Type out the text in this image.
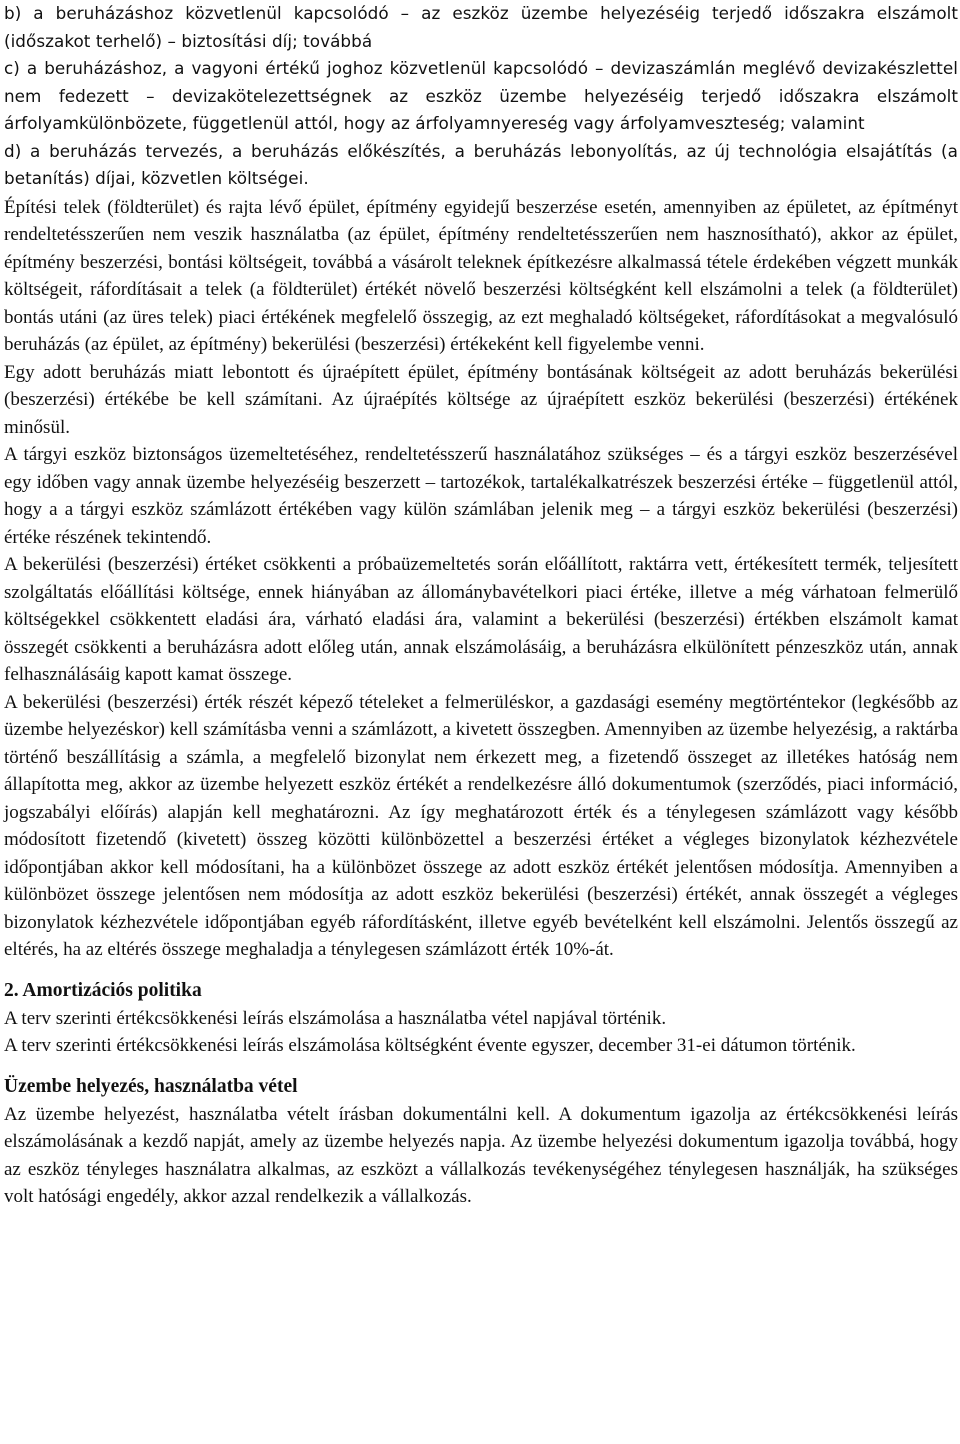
b) a beruházáshoz közvetlenül kapcsolódó – az eszköz üzembe helyezéséig terjedő időszakra elszámolt (időszakot terhelő) – biztosítási díj; továbbá

c) a beruházáshoz, a vagyoni értékű joghoz közvetlenül kapcsolódó – devizaszámlán meglévő devizakészlettel nem fedezett – devizakötelezettségnek az eszköz üzembe helyezéséig terjedő időszakra elszámolt árfolyamkülönbözete, függetlenül attól, hogy az árfolyamnyereség vagy árfolyamveszteség; valamint

d) a beruházás tervezés, a beruházás előkészítés, a beruházás lebonyolítás, az új technológia elsajátítás (a betanítás) díjai, közvetlen költségei.

Építési telek (földterület) és rajta lévő épület, építmény egyidejű beszerzése esetén, amennyiben az épületet, az építményt rendeltetésszerűen nem veszik használatba (az épület, építmény rendeltetésszerűen nem hasznosítható), akkor az épület, építmény beszerzési, bontási költségeit, továbbá a vásárolt teleknek építkezésre alkalmassá tétele érdekében végzett munkák költségeit, ráfordításait a telek (a földterület) értékét növelő beszerzési költségként kell elszámolni a telek (a földterület) bontás utáni (az üres telek) piaci értékének megfelelő összegig, az ezt meghaladó költségeket, ráfordításokat a megvalósuló beruházás (az épület, az építmény) bekerülési (beszerzési) értékeként kell figyelembe venni.

Egy adott beruházás miatt lebontott és újraépített épület, építmény bontásának költségeit az adott beruházás bekerülési (beszerzési) értékébe be kell számítani. Az újraépítés költsége az újraépített eszköz bekerülési (beszerzési) értékének minősül.

A tárgyi eszköz biztonságos üzemeltetéséhez, rendeltetésszerű használatához szükséges – és a tárgyi eszköz beszerzésével egy időben vagy annak üzembe helyezéséig beszerzett – tartozékok, tartalékalkatrészek beszerzési értéke – függetlenül attól, hogy a a tárgyi eszköz számlázott értékében vagy külön számlában jelenik meg – a tárgyi eszköz bekerülési (beszerzési) értéke részének tekintendő.

A bekerülési (beszerzési) értéket csökkenti a próbaüzemeltetés során előállított, raktárra vett, értékesített termék, teljesített szolgáltatás előállítási költsége, ennek hiányában az állománybavételkori piaci értéke, illetve a még várhatoan felmerülő költségekkel csökkentett eladási ára, várható eladási ára, valamint a bekerülési (beszerzési) értékben elszámolt kamat összegét csökkenti a beruházásra adott előleg után, annak elszámolásáig, a beruházásra elkülönített pénzeszköz után, annak felhasználásáig kapott kamat összege.

A bekerülési (beszerzési) érték részét képező tételeket a felmerüléskor, a gazdasági esemény megtörténtekor (legkésőbb az üzembe helyezéskor) kell számításba venni a számlázott, a kivetett összegben. Amennyiben az üzembe helyezésig, a raktárba történő beszállításig a számla, a megfelelő bizonylat nem érkezett meg, a fizetendő összeget az illetékes hatóság nem állapította meg, akkor az üzembe helyezett eszköz értékét a rendelkezésre álló dokumentumok (szerződés, piaci információ, jogszabályi előírás) alapján kell meghatározni. Az így meghatározott érték és a ténylegesen számlázott vagy később módosított fizetendő (kivetett) összeg közötti különbözettel a beszerzési értéket a végleges bizonylatok kézhezvétele időpontjában akkor kell módosítani, ha a különbözet összege az adott eszköz értékét jelentősen módosítja. Amennyiben a különbözet összege jelentősen nem módosítja az adott eszköz bekerülési (beszerzési) értékét, annak összegét a végleges bizonylatok kézhezvétele időpontjában egyéb ráfordításként, illetve egyéb bevételként kell elszámolni. Jelentős összegű az eltérés, ha az eltérés összege meghaladja a ténylegesen számlázott érték 10%-át.

2. Amortizációs politika

A terv szerinti értékcsökkenési leírás elszámolása a használatba vétel napjával történik.

A terv szerinti értékcsökkenési leírás elszámolása költségként évente egyszer, december 31-ei dátumon történik.

Üzembe helyezés, használatba vétel

Az üzembe helyezést, használatba vételt írásban dokumentálni kell. A dokumentum igazolja az értékcsökkenési leírás elszámolásának a kezdő napját, amely az üzembe helyezés napja. Az üzembe helyezési dokumentum igazolja továbbá, hogy az eszköz tényleges használatra alkalmas, az eszközt a vállalkozás tevékenységéhez ténylegesen használják, ha szükséges volt hatósági engedély, akkor azzal rendelkezik a vállalkozás.
